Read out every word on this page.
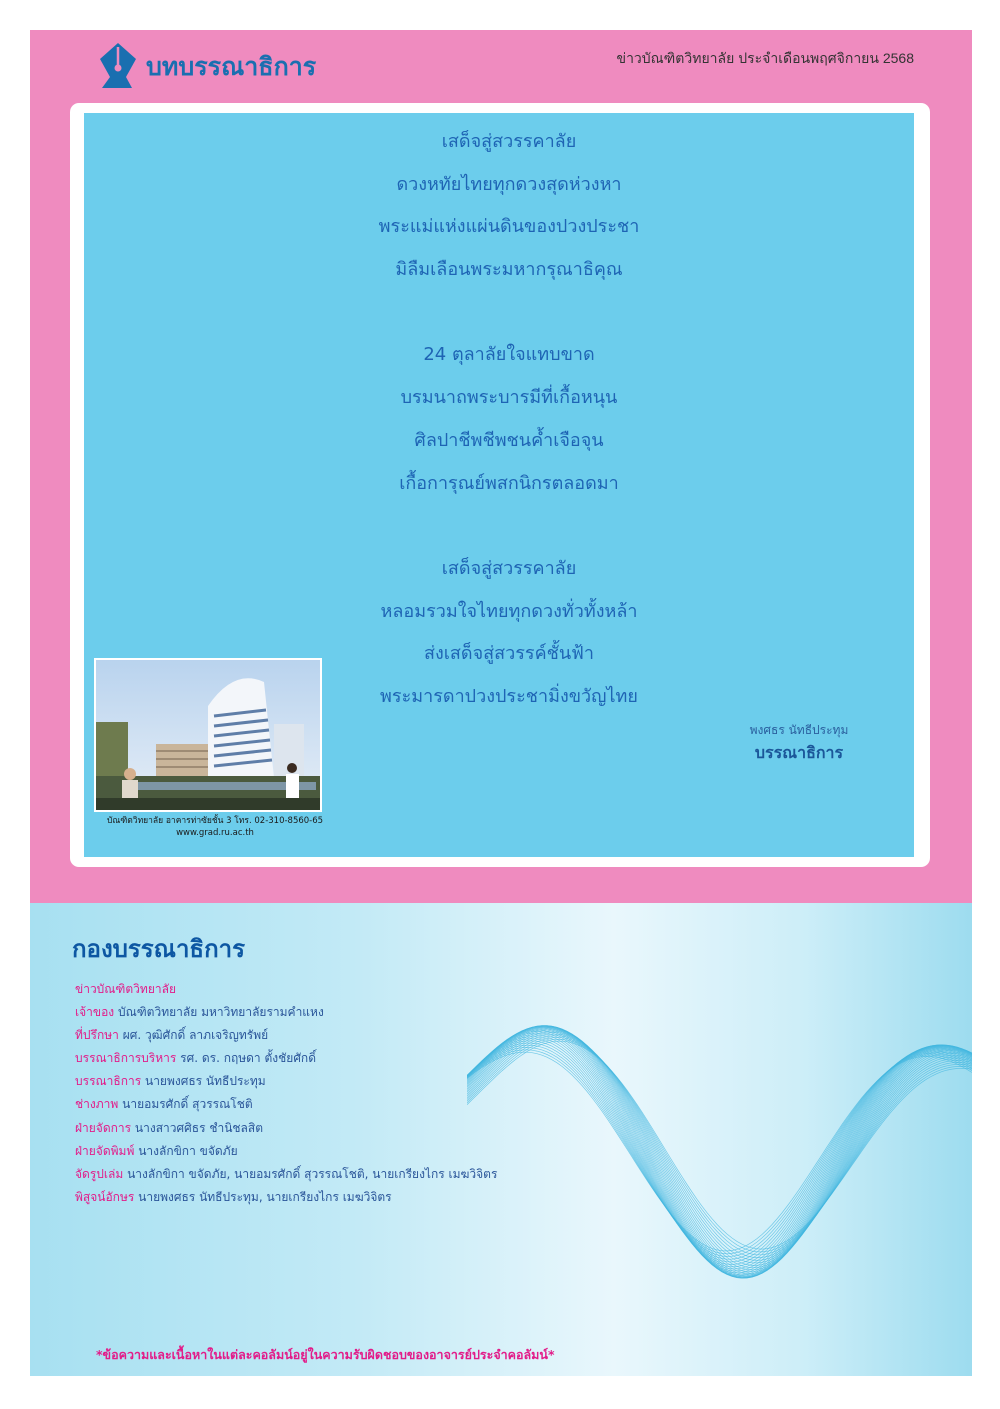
บทบรรณาธิการ	ข่าวบัณฑิตวิทยาลัย ประจำเดือนพฤศจิกายน 2568
เสด็จสู่สวรรคาลัย
ดวงหทัยไทยทุกดวงสุดห่วงหา
พระแม่แห่งแผ่นดินของปวงประชา
มิลืมเลือนพระมหากรุณาธิคุณ
24 ตุลาลัยใจแทบขาด
บรมนาถพระบารมีที่เกื้อหนุน
ศิลปาชีพชีพชนค้ำเจือจุน
เกื้อการุณย์พสกนิกรตลอดมา
เสด็จสู่สวรรคาลัย
หลอมรวมใจไทยทุกดวงทั่วทั้งหล้า
ส่งเสด็จสู่สวรรค์ชั้นฟ้า
พระมารดาปวงประชามิ่งขวัญไทย
พงศธร นัทธีประทุม
บรรณาธิการ
บัณฑิตวิทยาลัย อาคารท่าซัยชั้น 3 โทร. 02-310-8560-65
www.grad.ru.ac.th
กองบรรณาธิการ
ข่าวบัณฑิตวิทยาลัย
เจ้าของ บัณฑิตวิทยาลัย มหาวิทยาลัยรามคำแหง
ที่ปรึกษา ผศ. วุฒิศักดิ์ ลาภเจริญทรัพย์
บรรณาธิการบริหาร รศ. ดร. กฤษดา ตั้งชัยศักดิ์
บรรณาธิการ นายพงศธร นัทธีประทุม
ช่างภาพ นายอมรศักดิ์ สุวรรณโชติ
ฝ่ายจัดการ นางสาวศศิธร ชำนิชลสิต
ฝ่ายจัดพิมพ์ นางลักขิกา ขจัดภัย
จัดรูปเล่ม นางลักขิกา ขจัดภัย, นายอมรศักดิ์ สุวรรณโชติ, นายเกรียงไกร เมฆวิจิตร
พิสูจน์อักษร นายพงศธร นัทธีประทุม, นายเกรียงไกร เมฆวิจิตร
*ข้อความและเนื้อหาในแต่ละคอลัมน์อยู่ในความรับผิดชอบของอาจารย์ประจำคอลัมน์*
